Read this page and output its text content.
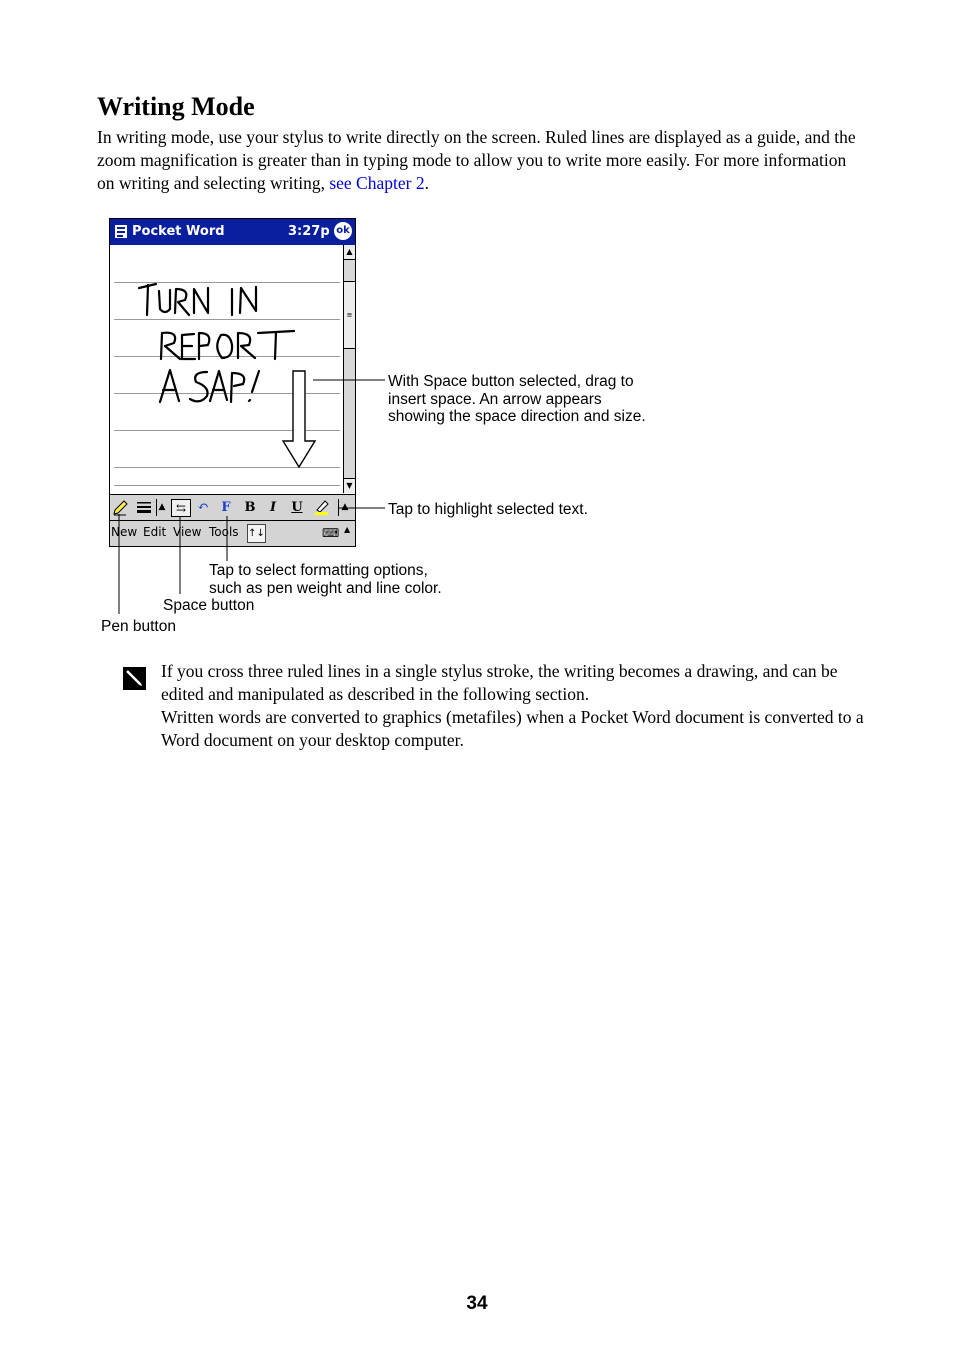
Writing Mode

In writing mode, use your stylus to write directly on the screen. Ruled lines are displayed as a guide, and the zoom magnification is greater than in typing mode to allow you to write more easily. For more information on writing and selecting writing, see Chapter 2.

Pocket Word	3:27p ok
▲
≡
▼
▲ ⇆ ↶ F B	I	U	▲
New Edit View Tools ↑↓	⌨ ▲

With Space button selected, drag to
insert space. An arrow appears
showing the space direction and size.

Tap to highlight selected text.

Tap to select formatting options,
such as pen weight and line color.

Space button

Pen button

If you cross three ruled lines in a single stylus stroke, the writing becomes a drawing, and can be edited and manipulated as described in the following section.
Written words are converted to graphics (metafiles) when a Pocket Word document is converted to a Word document on your desktop computer.

34
